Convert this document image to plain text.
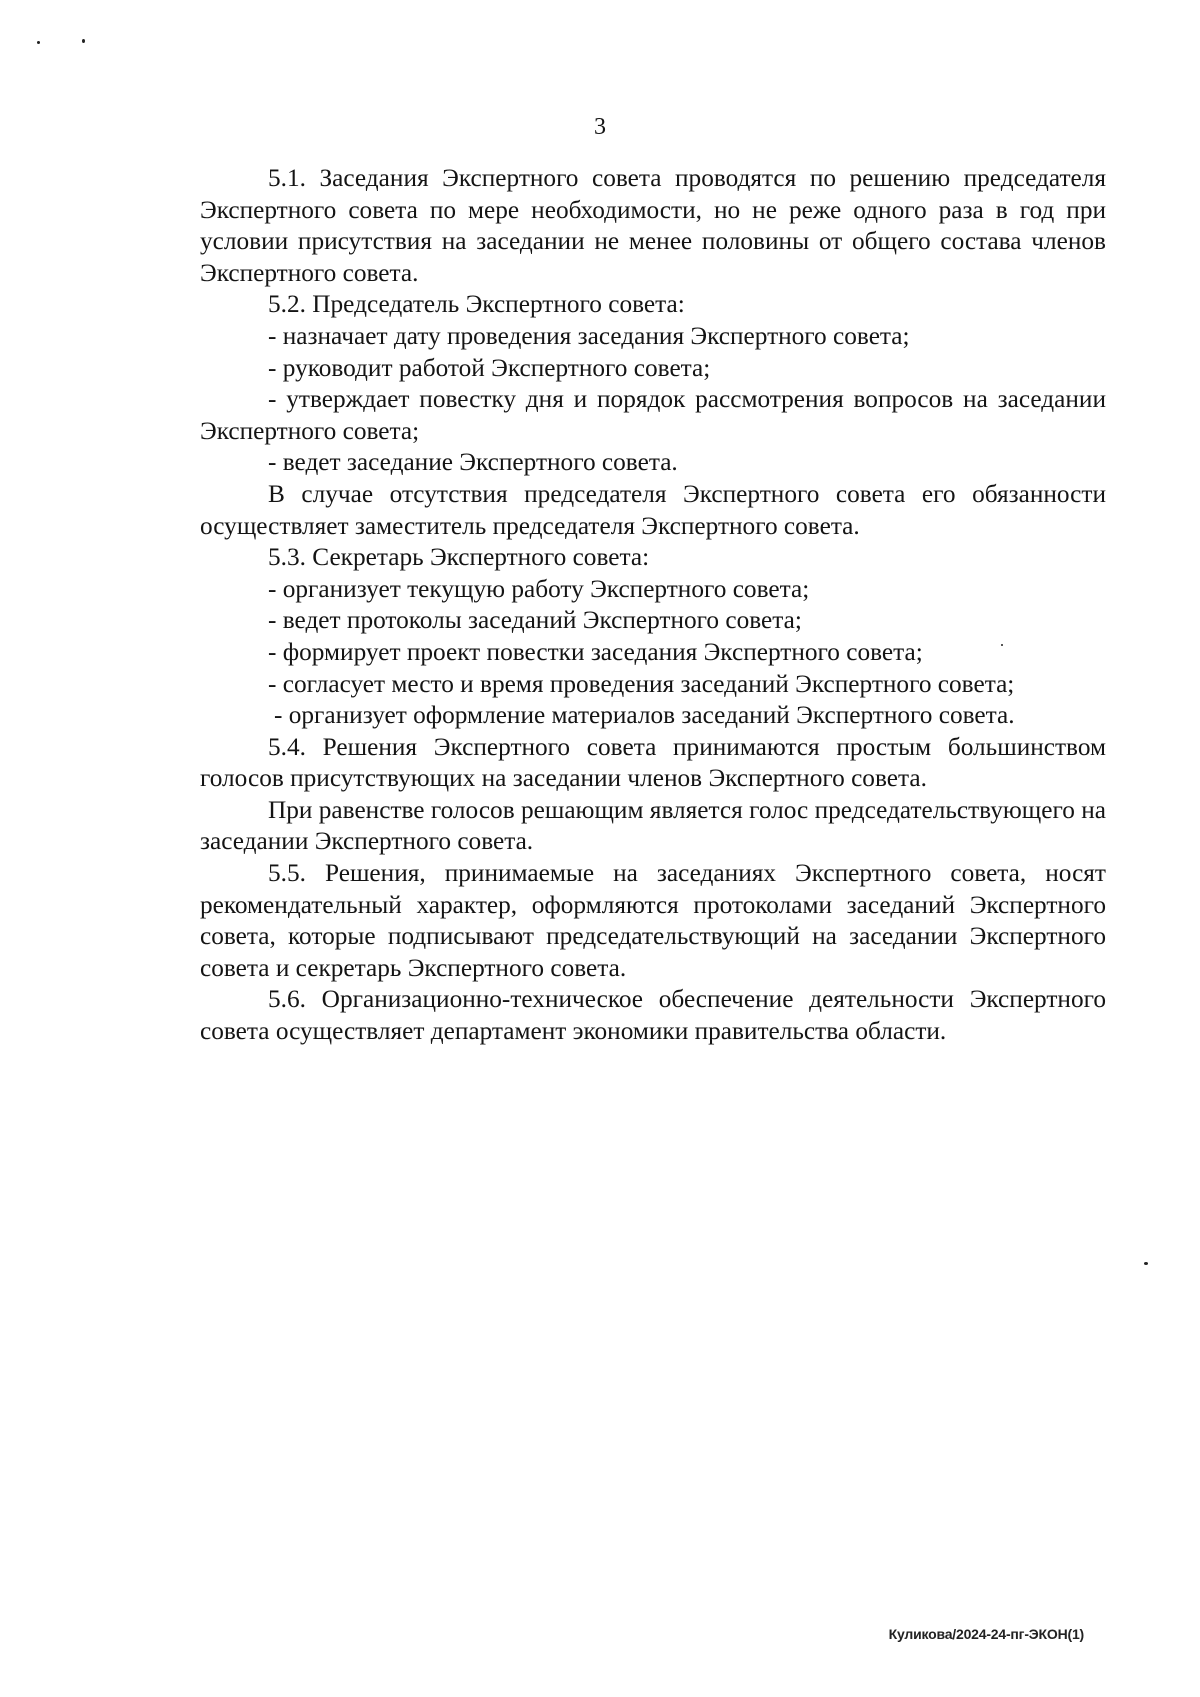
3

5.1. Заседания Экспертного совета проводятся по решению председателя Экспертного совета по мере необходимости, но не реже одного раза в год при условии присутствия на заседании не менее половины от общего состава членов Экспертного совета.

5.2. Председатель Экспертного совета:

- назначает дату проведения заседания Экспертного совета;

- руководит работой Экспертного совета;

- утверждает повестку дня и порядок рассмотрения вопросов на заседании Экспертного совета;

- ведет заседание Экспертного совета.

В случае отсутствия председателя Экспертного совета его обязанности осуществляет заместитель председателя Экспертного совета.

5.3. Секретарь Экспертного совета:

- организует текущую работу Экспертного совета;

- ведет протоколы заседаний Экспертного совета;

- формирует проект повестки заседания Экспертного совета;

- согласует место и время проведения заседаний Экспертного совета;

- организует оформление материалов заседаний Экспертного совета.

5.4. Решения Экспертного совета принимаются простым большинством голосов присутствующих на заседании членов Экспертного совета.

При равенстве голосов решающим является голос председательствующего на заседании Экспертного совета.

5.5. Решения, принимаемые на заседаниях Экспертного совета, носят рекомендательный характер, оформляются протоколами заседаний Экспертного совета, которые подписывают председательствующий на заседании Экспертного совета и секретарь Экспертного совета.

5.6. Организационно-техническое обеспечение деятельности Экспертного совета осуществляет департамент экономики правительства области.

Куликова/2024-24-пг-ЭКОН(1)
